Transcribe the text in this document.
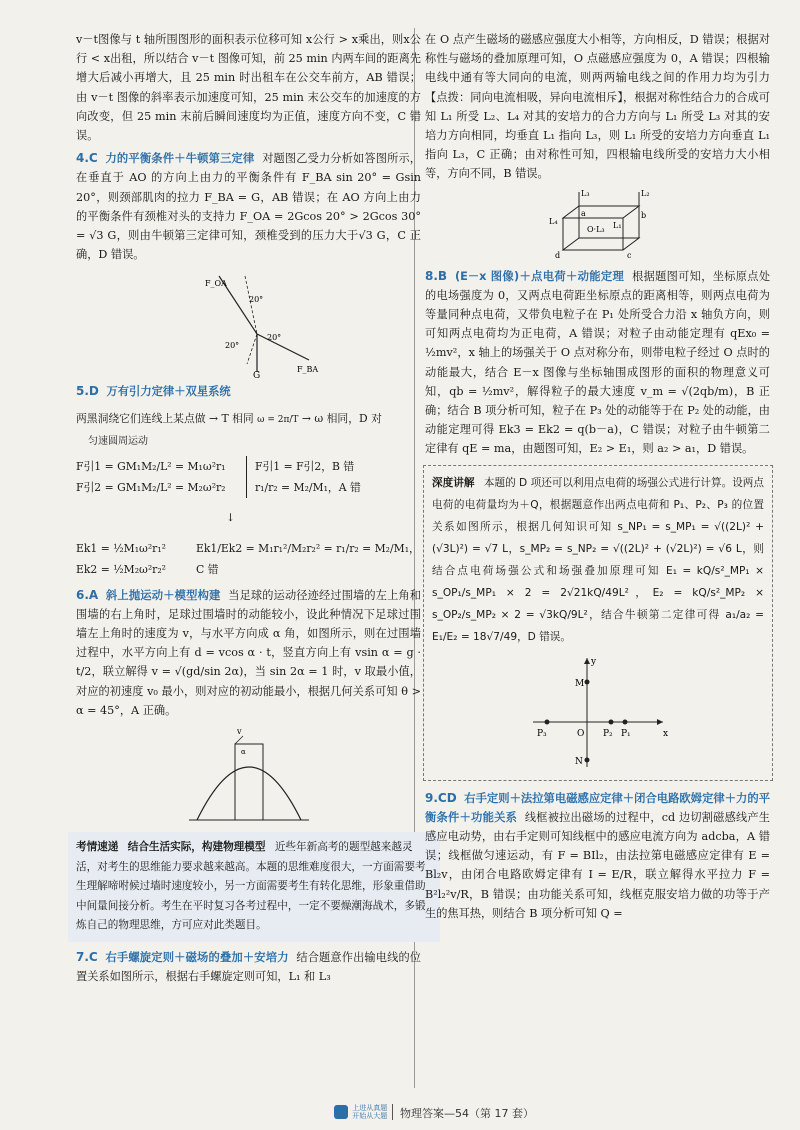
v－t图像与 t 轴所围图形的面积表示位移可知 x公行 > x乘出，则x公行 < x出租，所以结合 v－t 图像可知，前 25 min 内两车间的距离先增大后减小再增大，且 25 min 时出租车在公交车前方，AB 错误；由 v－t 图像的斜率表示加速度可知，25 min 末公交车的加速度的方向改变，但 25 min 末前后瞬间速度均为正值，速度方向不变，C 错误。

4.C 力的平衡条件＋牛顿第三定律 对题图乙受力分析如答图所示，在垂直于 AO 的方向上由力的平衡条件有 F_BA sin 20° = Gsin 20°，则颈部肌肉的拉力 F_BA = G，AB 错误；在 AO 方向上由力的平衡条件有颈椎对头的支持力 F_OA = 2Gcos 20° > 2Gcos 30° = √3 G，则由牛顿第三定律可知，颈椎受到的压力大于√3 G，C 正确，D 错误。

F_OA
F_BA
G
20°
20°
20°

5.D 万有引力定律＋双星系统

两黑洞绕它们连线上某点做 → T 相同 ω = 2π/T → ω 相同，D 对
匀速圆周运动
F引1 = GM₁M₂/L² = M₁ω²r₁
F引2 = GM₁M₂/L² = M₂ω²r₂
F引1 = F引2，B 错
r₁/r₂ = M₂/M₁，A 错
↓
Ek1 = ½M₁ω²r₁²
Ek2 = ½M₂ω²r₂²
Ek1/Ek2 = M₁r₁²/M₂r₂² = r₁/r₂ = M₂/M₁，C 错

6.A 斜上抛运动＋模型构建 当足球的运动径迹经过围墙的左上角和围墙的右上角时，足球过围墙时的动能较小，设此种情况下足球过围墙左上角时的速度为 v，与水平方向成 α 角，如图所示，则在过围墙过程中，水平方向上有 d = vcos α · t，竖直方向上有 vsin α = g · t/2，联立解得 v = √(gd/sin 2α)，当 sin 2α = 1 时，v 取最小值，对应的初速度 v₀ 最小，则对应的初动能最小，根据几何关系可知 θ > α = 45°，A 正确。

v
α
考情速递 结合生活实际，构建物理模型 近些年新高考的题型越来越灵活，对考生的思维能力要求越来越高。本题的思维难度很大，一方面需要考生理解啼咐候过墙时速度较小，另一方面需要考生有转化思维，形象重借助中间量间接分析。考生在平时复习各考过程中，一定不要燥潮海战术，多锻炼自己的物理思维，方可应对此类题目。

7.C 右手螺旋定则＋磁场的叠加＋安培力 结合题意作出输电线的位置关系如图所示，根据右手螺旋定则可知，L₁ 和 L₃

在 O 点产生磁场的磁感应强度大小相等，方向相反，D 错误；根据对称性与磁场的叠加原理可知，O 点磁感应强度为 0，A 错误；四根输电线中通有等大同向的电流，则两两输电线之间的作用力均为引力【点拨：同向电流相吸，异向电流相斥】，根据对称性结合力的合成可知 L₁ 所受 L₂、L₄ 对其的安培力的合力方向与 L₁ 所受 L₃ 对其的安培力方向相同，均垂直 L₁ 指向 L₃，则 L₁ 所受的安培力方向垂直 L₁ 指向 L₃，C 正确；由对称性可知，四根输电线所受的安培力大小相等，方向不同，B 错误。

L₃	L₂
L₄	L₁
a	b
c
d
O·L₃

8.B (E－x 图像)＋点电荷＋动能定理 根据题图可知，坐标原点处的电场强度为 0，又两点电荷距坐标原点的距离相等，则两点电荷为等量同种点电荷，又带负电粒子在 P₁ 处所受合力沿 x 轴负方向，则可知两点电荷均为正电荷，A 错误；对粒子由动能定理有 qEx₀ = ½mv²，x 轴上的场强关于 O 点对称分布，则带电粒子经过 O 点时的动能最大，结合 E－x 图像与坐标轴围成图形的面积的物理意义可知，qb = ½mv²，解得粒子的最大速度 v_m = √(2qb/m)，B 正确；结合 B 项分析可知，粒子在 P₃ 处的动能等于在 P₂ 处的动能，由动能定理可得 Ek3 = Ek2 = q(b－a)，C 错误；对粒子由牛顿第二定律有 qE = ma，由题图可知，E₂ > E₁，则 a₂ > a₁，D 错误。

深度讲解 本题的 D 项还可以利用点电荷的场强公式进行计算。设两点电荷的电荷量均为＋Q，根据题意作出两点电荷和 P₁、P₂、P₃ 的位置关系如图所示，根据几何知识可知 s_NP₁ = s_MP₁ = √((2L)² + (√3L)²) = √7 L，s_MP₂ = s_NP₂ = √((2L)² + (√2L)²) = √6 L，则结合点电荷场强公式和场强叠加原理可知 E₁ = kQ/s²_MP₁ × s_OP₁/s_MP₁ × 2 = 2√21kQ/49L²，E₂ = kQ/s²_MP₂ × s_OP₂/s_MP₂ × 2 = √3kQ/9L²，结合牛顿第二定律可得 a₁/a₂ = E₁/E₂ = 18√7/49，D 错误。

y
x
M
N
O
P₃	P₂ P₁

9.CD 右手定则＋法拉第电磁感应定律＋闭合电路欧姆定律＋力的平衡条件＋功能关系 线框被拉出磁场的过程中，cd 边切割磁感线产生感应电动势，由右手定则可知线框中的感应电流方向为 adcba，A 错误；线框做匀速运动，有 F = BIl₂，由法拉第电磁感应定律有 E = Bl₂v，由闭合电路欧姆定律有 I = E/R，联立解得水平拉力 F = B²l₂²v/R，B 错误；由功能关系可知，线框克服安培力做的功等于产生的焦耳热，则结合 B 项分析可知 Q =

上进从真题
开始从大题 物理答案—54（第 17 套）
